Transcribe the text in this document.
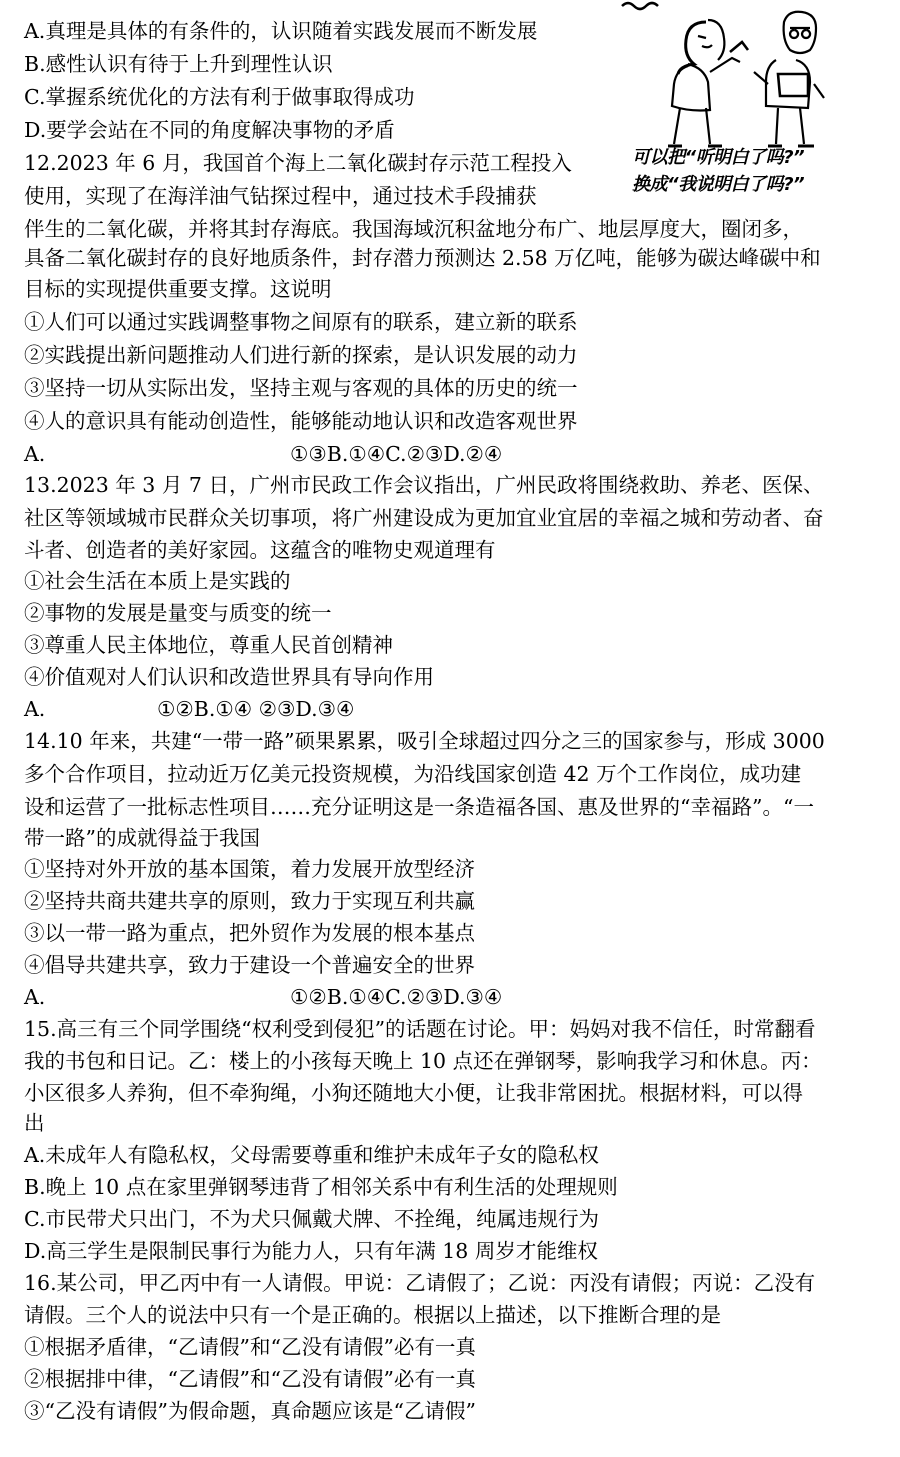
可以把“听明白了吗?”
换成“我说明白了吗?”
A.真理是具体的有条件的，认识随着实践发展而不断发展
B.感性认识有待于上升到理性认识
C.掌握系统优化的方法有利于做事取得成功
D.要学会站在不同的角度解决事物的矛盾
12.2023 年 6 月，我国首个海上二氧化碳封存示范工程投入
使用，实现了在海洋油气钻探过程中，通过技术手段捕获
伴生的二氧化碳，并将其封存海底。我国海域沉积盆地分布广、地层厚度大，圈闭多，
具备二氧化碳封存的良好地质条件，封存潜力预测达 2.58 万亿吨，能够为碳达峰碳中和
目标的实现提供重要支撑。这说明
①人们可以通过实践调整事物之间原有的联系，建立新的联系
②实践提出新问题推动人们进行新的探索，是认识发展的动力
③坚持一切从实际出发，坚持主观与客观的具体的历史的统一
④人的意识具有能动创造性，能够能动地认识和改造客观世界
A.	①③B.①④C.②③D.②④
13.2023 年 3 月 7 日，广州市民政工作会议指出，广州民政将围绕救助、养老、医保、
社区等领域城市民群众关切事项，将广州建设成为更加宜业宜居的幸福之城和劳动者、奋
斗者、创造者的美好家园。这蕴含的唯物史观道理有
①社会生活在本质上是实践的
②事物的发展是量变与质变的统一
③尊重人民主体地位，尊重人民首创精神
④价值观对人们认识和改造世界具有导向作用
A.	①②B.①④ ②③D.③④
14.10 年来，共建“一带一路”硕果累累，吸引全球超过四分之三的国家参与，形成 3000
多个合作项目，拉动近万亿美元投资规模，为沿线国家创造 42 万个工作岗位，成功建
设和运营了一批标志性项目……充分证明这是一条造福各国、惠及世界的“幸福路”。“一
带一路”的成就得益于我国
①坚持对外开放的基本国策，着力发展开放型经济
②坚持共商共建共享的原则，致力于实现互利共赢
③以一带一路为重点，把外贸作为发展的根本基点
④倡导共建共享，致力于建设一个普遍安全的世界
A.	①②B.①④C.②③D.③④
15.高三有三个同学围绕“权利受到侵犯”的话题在讨论。甲：妈妈对我不信任，时常翻看
我的书包和日记。乙：楼上的小孩每天晚上 10 点还在弹钢琴，影响我学习和休息。丙：
小区很多人养狗，但不牵狗绳，小狗还随地大小便，让我非常困扰。根据材料，可以得
出
A.未成年人有隐私权，父母需要尊重和维护未成年子女的隐私权
B.晚上 10 点在家里弹钢琴违背了相邻关系中有利生活的处理规则
C.市民带犬只出门，不为犬只佩戴犬牌、不拴绳，纯属违规行为
D.高三学生是限制民事行为能力人，只有年满 18 周岁才能维权
16.某公司，甲乙丙中有一人请假。甲说：乙请假了；乙说：丙没有请假；丙说：乙没有
请假。三个人的说法中只有一个是正确的。根据以上描述，以下推断合理的是
①根据矛盾律，“乙请假”和“乙没有请假”必有一真
②根据排中律，“乙请假”和“乙没有请假”必有一真
③“乙没有请假”为假命题，真命题应该是“乙请假”
